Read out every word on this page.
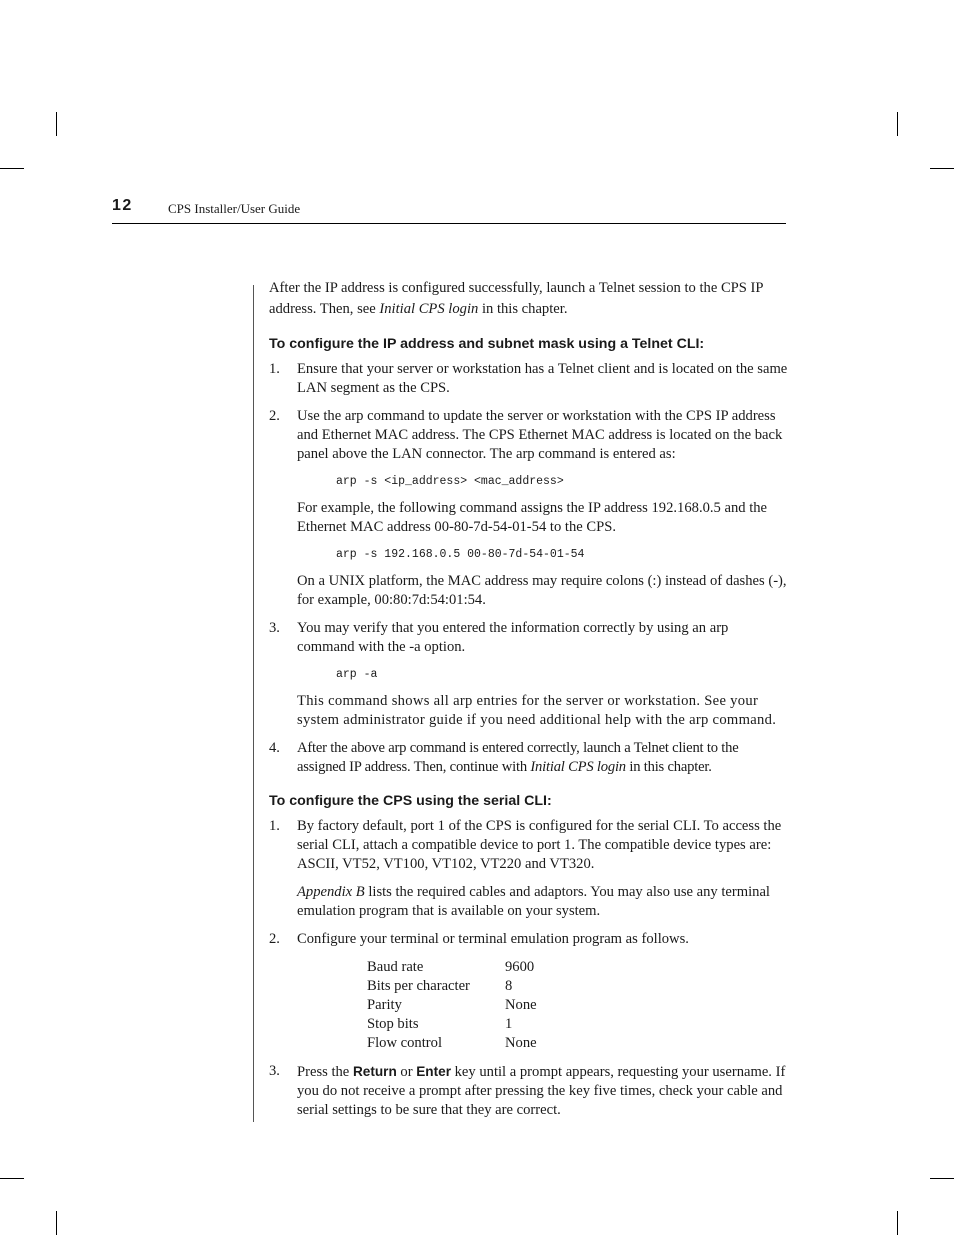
12	CPS Installer/User Guide

After the IP address is configured successfully, launch a Telnet session to the CPS IP address. Then, see Initial CPS login in this chapter.

To configure the IP address and subnet mask using a Telnet CLI:
1. Ensure that your server or workstation has a Telnet client and is located on the same LAN segment as the CPS.

2. Use the arp command to update the server or workstation with the CPS IP address and Ethernet MAC address. The CPS Ethernet MAC address is located on the back panel above the LAN connector. The arp command is entered as:

arp -s <ip_address> <mac_address>

For example, the following command assigns the IP address 192.168.0.5 and the Ethernet MAC address 00-80-7d-54-01-54 to the CPS.

arp -s 192.168.0.5 00-80-7d-54-01-54

On a UNIX platform, the MAC address may require colons (:) instead of dashes (-), for example, 00:80:7d:54:01:54.

3. You may verify that you entered the information correctly by using an arp command with the -a option.

arp -a

This command shows all arp entries for the server or workstation. See your system administrator guide if you need additional help with the arp command.

4. After the above arp command is entered correctly, launch a Telnet client to the assigned IP address. Then, continue with Initial CPS login in this chapter.

To configure the CPS using the serial CLI:
1. By factory default, port 1 of the CPS is configured for the serial CLI. To access the serial CLI, attach a compatible device to port 1. The compatible device types are: ASCII, VT52, VT100, VT102, VT220 and VT320.

Appendix B lists the required cables and adaptors. You may also use any terminal emulation program that is available on your system.

2. Configure your terminal or terminal emulation program as follows.

Baud rate	9600
Bits per character	8
Parity	None
Stop bits	1
Flow control	None
3. Press the Return or Enter key until a prompt appears, requesting your username. If you do not receive a prompt after pressing the key five times, check your cable and serial settings to be sure that they are correct.
